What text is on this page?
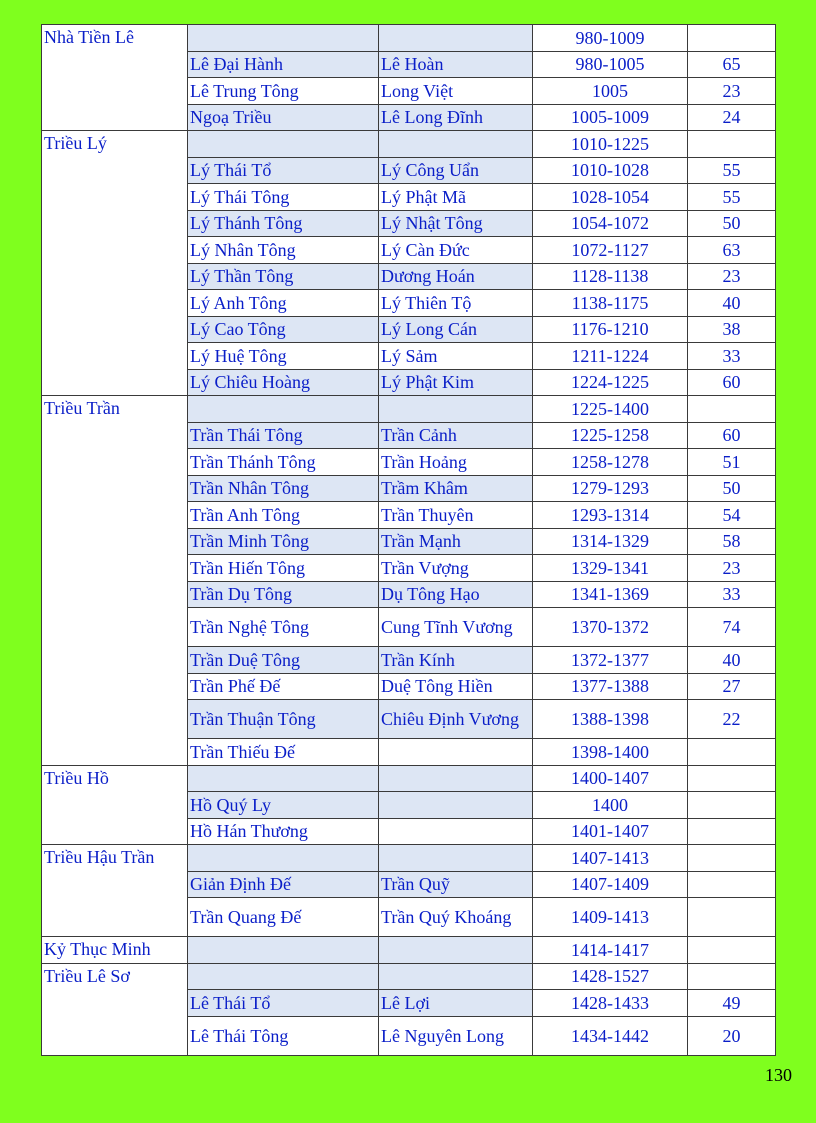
Nhà Tiền Lê			980-1009	
	Lê Đại Hành	Lê Hoàn	980-1005	65
	Lê Trung Tông	Long Việt	1005	23
	Ngoạ Triều	Lê Long Đĩnh	1005-1009	24
Triều Lý			1010-1225	
	Lý Thái Tổ	Lý Công Uẩn	1010-1028	55
	Lý Thái Tông	Lý Phật Mã	1028-1054	55
	Lý Thánh Tông	Lý Nhật Tông	1054-1072	50
	Lý Nhân Tông	Lý Càn Đức	1072-1127	63
	Lý Thần Tông	Dương Hoán	1128-1138	23
	Lý Anh Tông	Lý Thiên Tộ	1138-1175	40
	Lý Cao Tông	Lý Long Cán	1176-1210	38
	Lý Huệ Tông	Lý Sảm	1211-1224	33
	Lý Chiêu Hoàng	Lý Phật Kim	1224-1225	60
Triều Trần			1225-1400	
	Trần Thái Tông	Trần Cảnh	1225-1258	60
	Trần Thánh Tông	Trần Hoảng	1258-1278	51
	Trần Nhân Tông	Trầm Khâm	1279-1293	50
	Trần Anh Tông	Trần Thuyên	1293-1314	54
	Trần Minh Tông	Trần Mạnh	1314-1329	58
	Trần Hiến Tông	Trần Vượng	1329-1341	23
	Trần Dụ Tông	Dụ Tông Hạo	1341-1369	33
	Trần Nghệ Tông	Cung Tĩnh Vương	1370-1372	74
	Trần Duệ Tông	Trần Kính	1372-1377	40
	Trần Phế Đế	Duệ Tông Hiền	1377-1388	27
	Trần Thuận Tông	Chiêu Định Vương	1388-1398	22
	Trần Thiếu Đế		1398-1400	
Triều Hồ			1400-1407	
	Hồ Quý Ly		1400	
	Hồ Hán Thương		1401-1407	
Triều Hậu Trần			1407-1413	
	Giản Định Đế	Trần Quỹ	1407-1409	
	Trần Quang Đế	Trần Quý Khoáng	1409-1413	
Kỷ Thục Minh			1414-1417	
Triều Lê Sơ			1428-1527	
	Lê Thái Tổ	Lê Lợi	1428-1433	49
	Lê Thái Tông	Lê Nguyên Long	1434-1442	20
130
